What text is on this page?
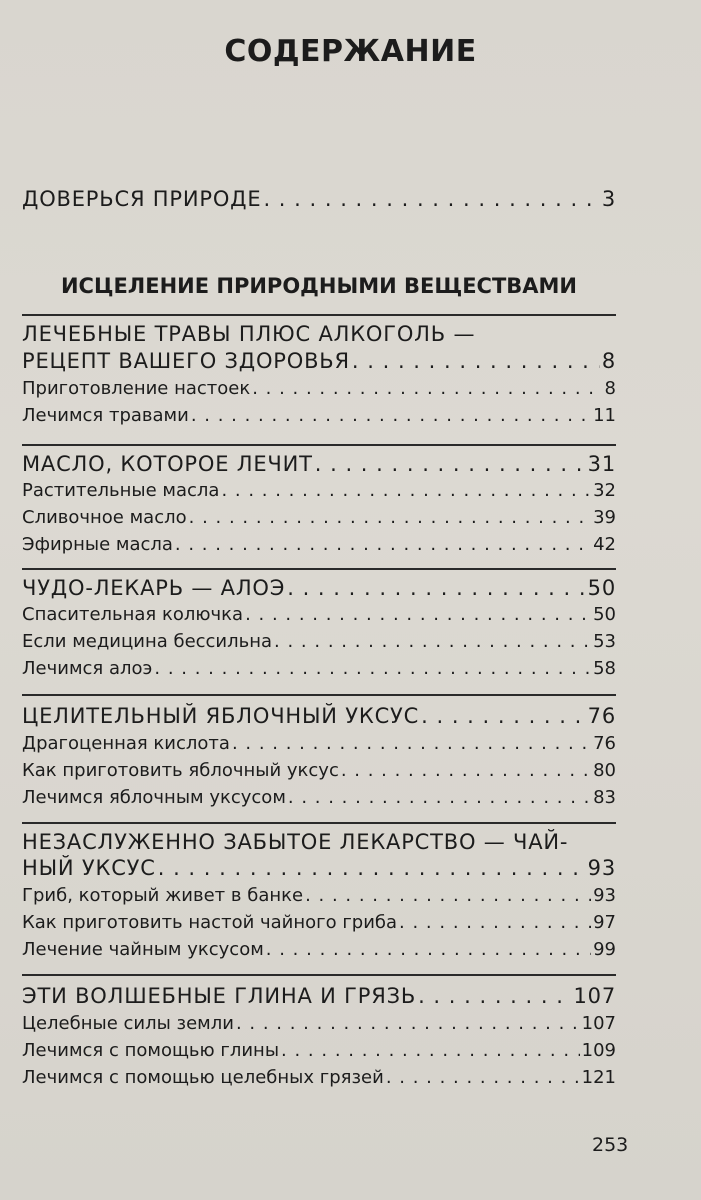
СОДЕРЖАНИЕ
ДОВЕРЬСЯ ПРИРОДЕ . . .	3
ИСЦЕЛЕНИЕ ПРИРОДНЫМИ ВЕЩЕСТВАМИ
ЛЕЧЕБНЫЕ ТРАВЫ ПЛЮС АЛКОГОЛЬ —
РЕЦЕПТ ВАШЕГО ЗДОРОВЬЯ . . .	8
Приготовление настоек . . .	8
Лечимся травами . . .	11
МАСЛО, КОТОРОЕ ЛЕЧИТ . . .	31
Растительные масла . . .	32
Сливочное масло . . .	39
Эфирные масла . . .	42
ЧУДО-ЛЕКАРЬ — АЛОЭ . . .	50
Спасительная колючка . . .	50
Если медицина бессильна . . .	53
Лечимся алоэ . . .	58
ЦЕЛИТЕЛЬНЫЙ ЯБЛОЧНЫЙ УКСУС . . .	76
Драгоценная кислота . . .	76
Как приготовить яблочный уксус . . .	80
Лечимся яблочным уксусом . . .	83
НЕЗАСЛУЖЕННО ЗАБЫТОЕ ЛЕКАРСТВО — ЧАЙ-
НЫЙ УКСУС . . .	93
Гриб, который живет в банке . . .	93
Как приготовить настой чайного гриба . . .	97
Лечение чайным уксусом . . .	99
ЭТИ ВОЛШЕБНЫЕ ГЛИНА И ГРЯЗЬ . . .	107
Целебные силы земли . . .	107
Лечимся с помощью глины . . .	109
Лечимся с помощью целебных грязей . . .	121
253
